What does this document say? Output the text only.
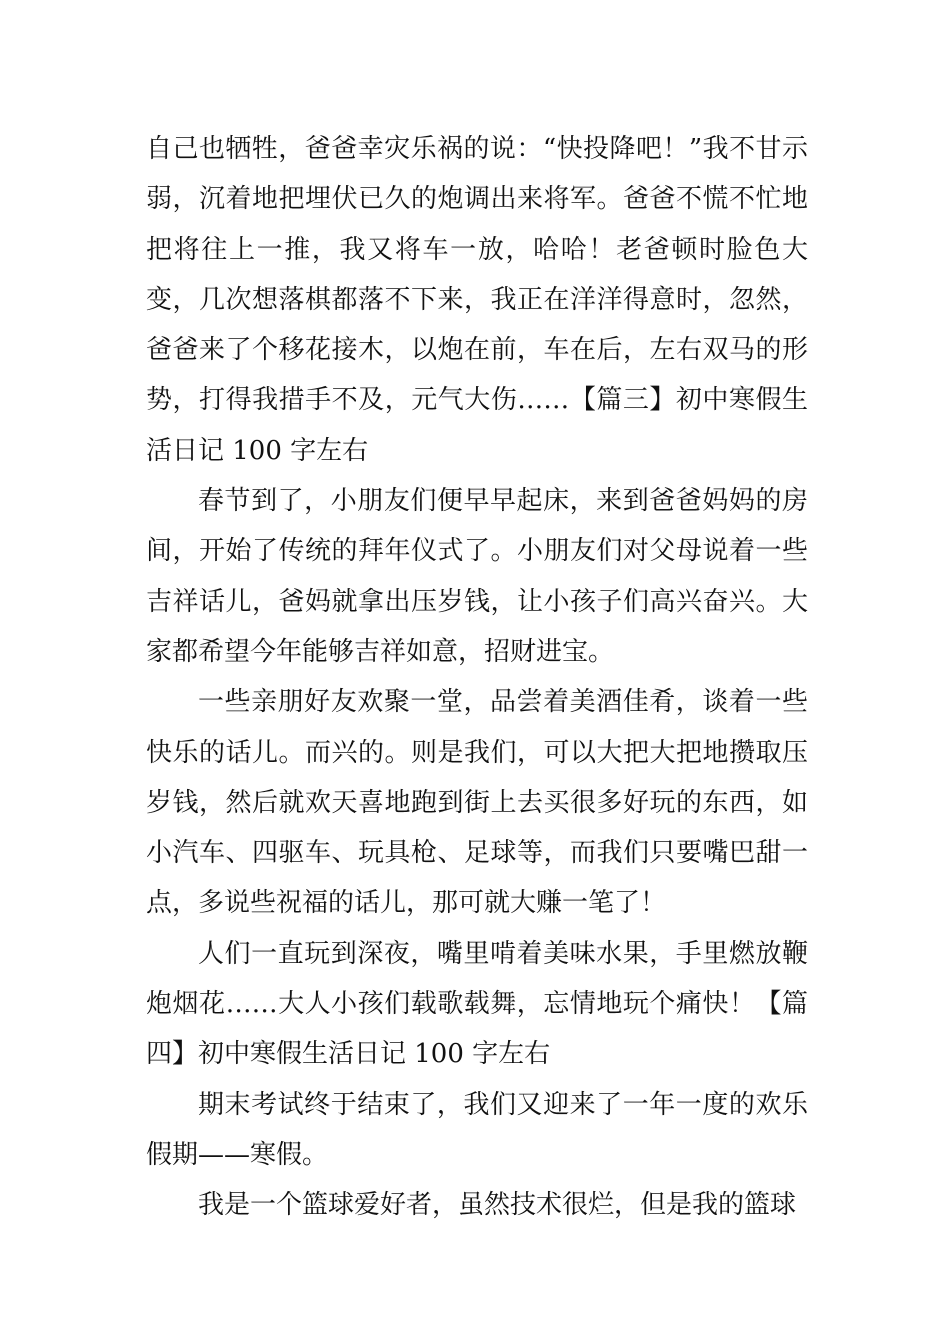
自己也牺牲，爸爸幸灾乐祸的说：“快投降吧！”我不甘示弱，沉着地把埋伏已久的炮调出来将军。爸爸不慌不忙地把将往上一推，我又将车一放，哈哈！老爸顿时脸色大变，几次想落棋都落不下来，我正在洋洋得意时，忽然，爸爸来了个移花接木，以炮在前，车在后，左右双马的形势，打得我措手不及，元气大伤……【篇三】初中寒假生活日记 100 字左右

春节到了，小朋友们便早早起床，来到爸爸妈妈的房间，开始了传统的拜年仪式了。小朋友们对父母说着一些吉祥话儿，爸妈就拿出压岁钱，让小孩子们高兴奋兴。大家都希望今年能够吉祥如意，招财进宝。

一些亲朋好友欢聚一堂，品尝着美酒佳肴，谈着一些快乐的话儿。而兴的。则是我们，可以大把大把地攒取压岁钱，然后就欢天喜地跑到街上去买很多好玩的东西，如小汽车、四驱车、玩具枪、足球等，而我们只要嘴巴甜一点，多说些祝福的话儿，那可就大赚一笔了！

人们一直玩到深夜，嘴里啃着美味水果，手里燃放鞭炮烟花……大人小孩们载歌载舞，忘情地玩个痛快！【篇四】初中寒假生活日记 100 字左右

期末考试终于结束了，我们又迎来了一年一度的欢乐假期——寒假。

我是一个篮球爱好者，虽然技术很烂，但是我的篮球
